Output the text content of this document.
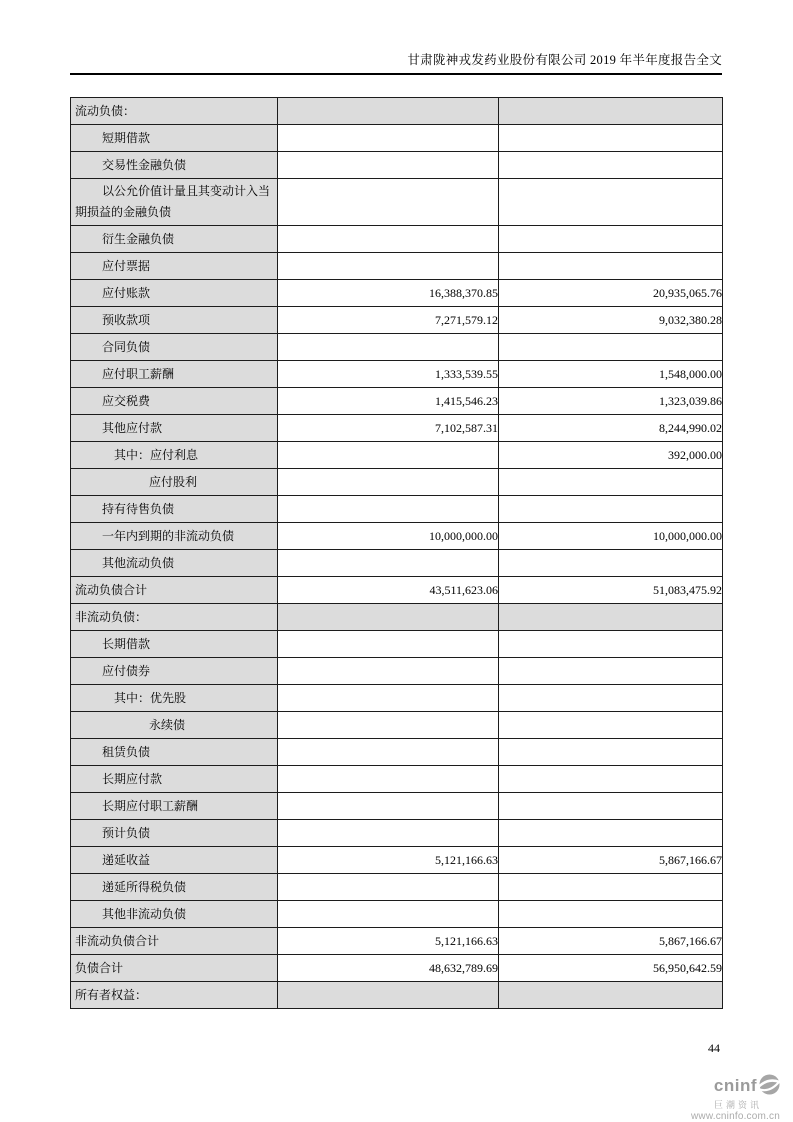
甘肃陇神戎发药业股份有限公司 2019 年半年度报告全文
流动负债：		
短期借款		
交易性金融负债		
以公允价值计量且其变动计入当期损益的金融负债		
衍生金融负债		
应付票据		
应付账款	16,388,370.85	20,935,065.76
预收款项	7,271,579.12	9,032,380.28
合同负债		
应付职工薪酬	1,333,539.55	1,548,000.00
应交税费	1,415,546.23	1,323,039.86
其他应付款	7,102,587.31	8,244,990.02
其中：应付利息		392,000.00
应付股利		
持有待售负债		
一年内到期的非流动负债	10,000,000.00	10,000,000.00
其他流动负债		
流动负债合计	43,511,623.06	51,083,475.92
非流动负债：		
长期借款		
应付债券		
其中：优先股		
永续债		
租赁负债		
长期应付款		
长期应付职工薪酬		
预计负债		
递延收益	5,121,166.63	5,867,166.67
递延所得税负债		
其他非流动负债		
非流动负债合计	5,121,166.63	5,867,166.67
负债合计	48,632,789.69	56,950,642.59
所有者权益：		
44
cninf
巨潮资讯
www.cninfo.com.cn
